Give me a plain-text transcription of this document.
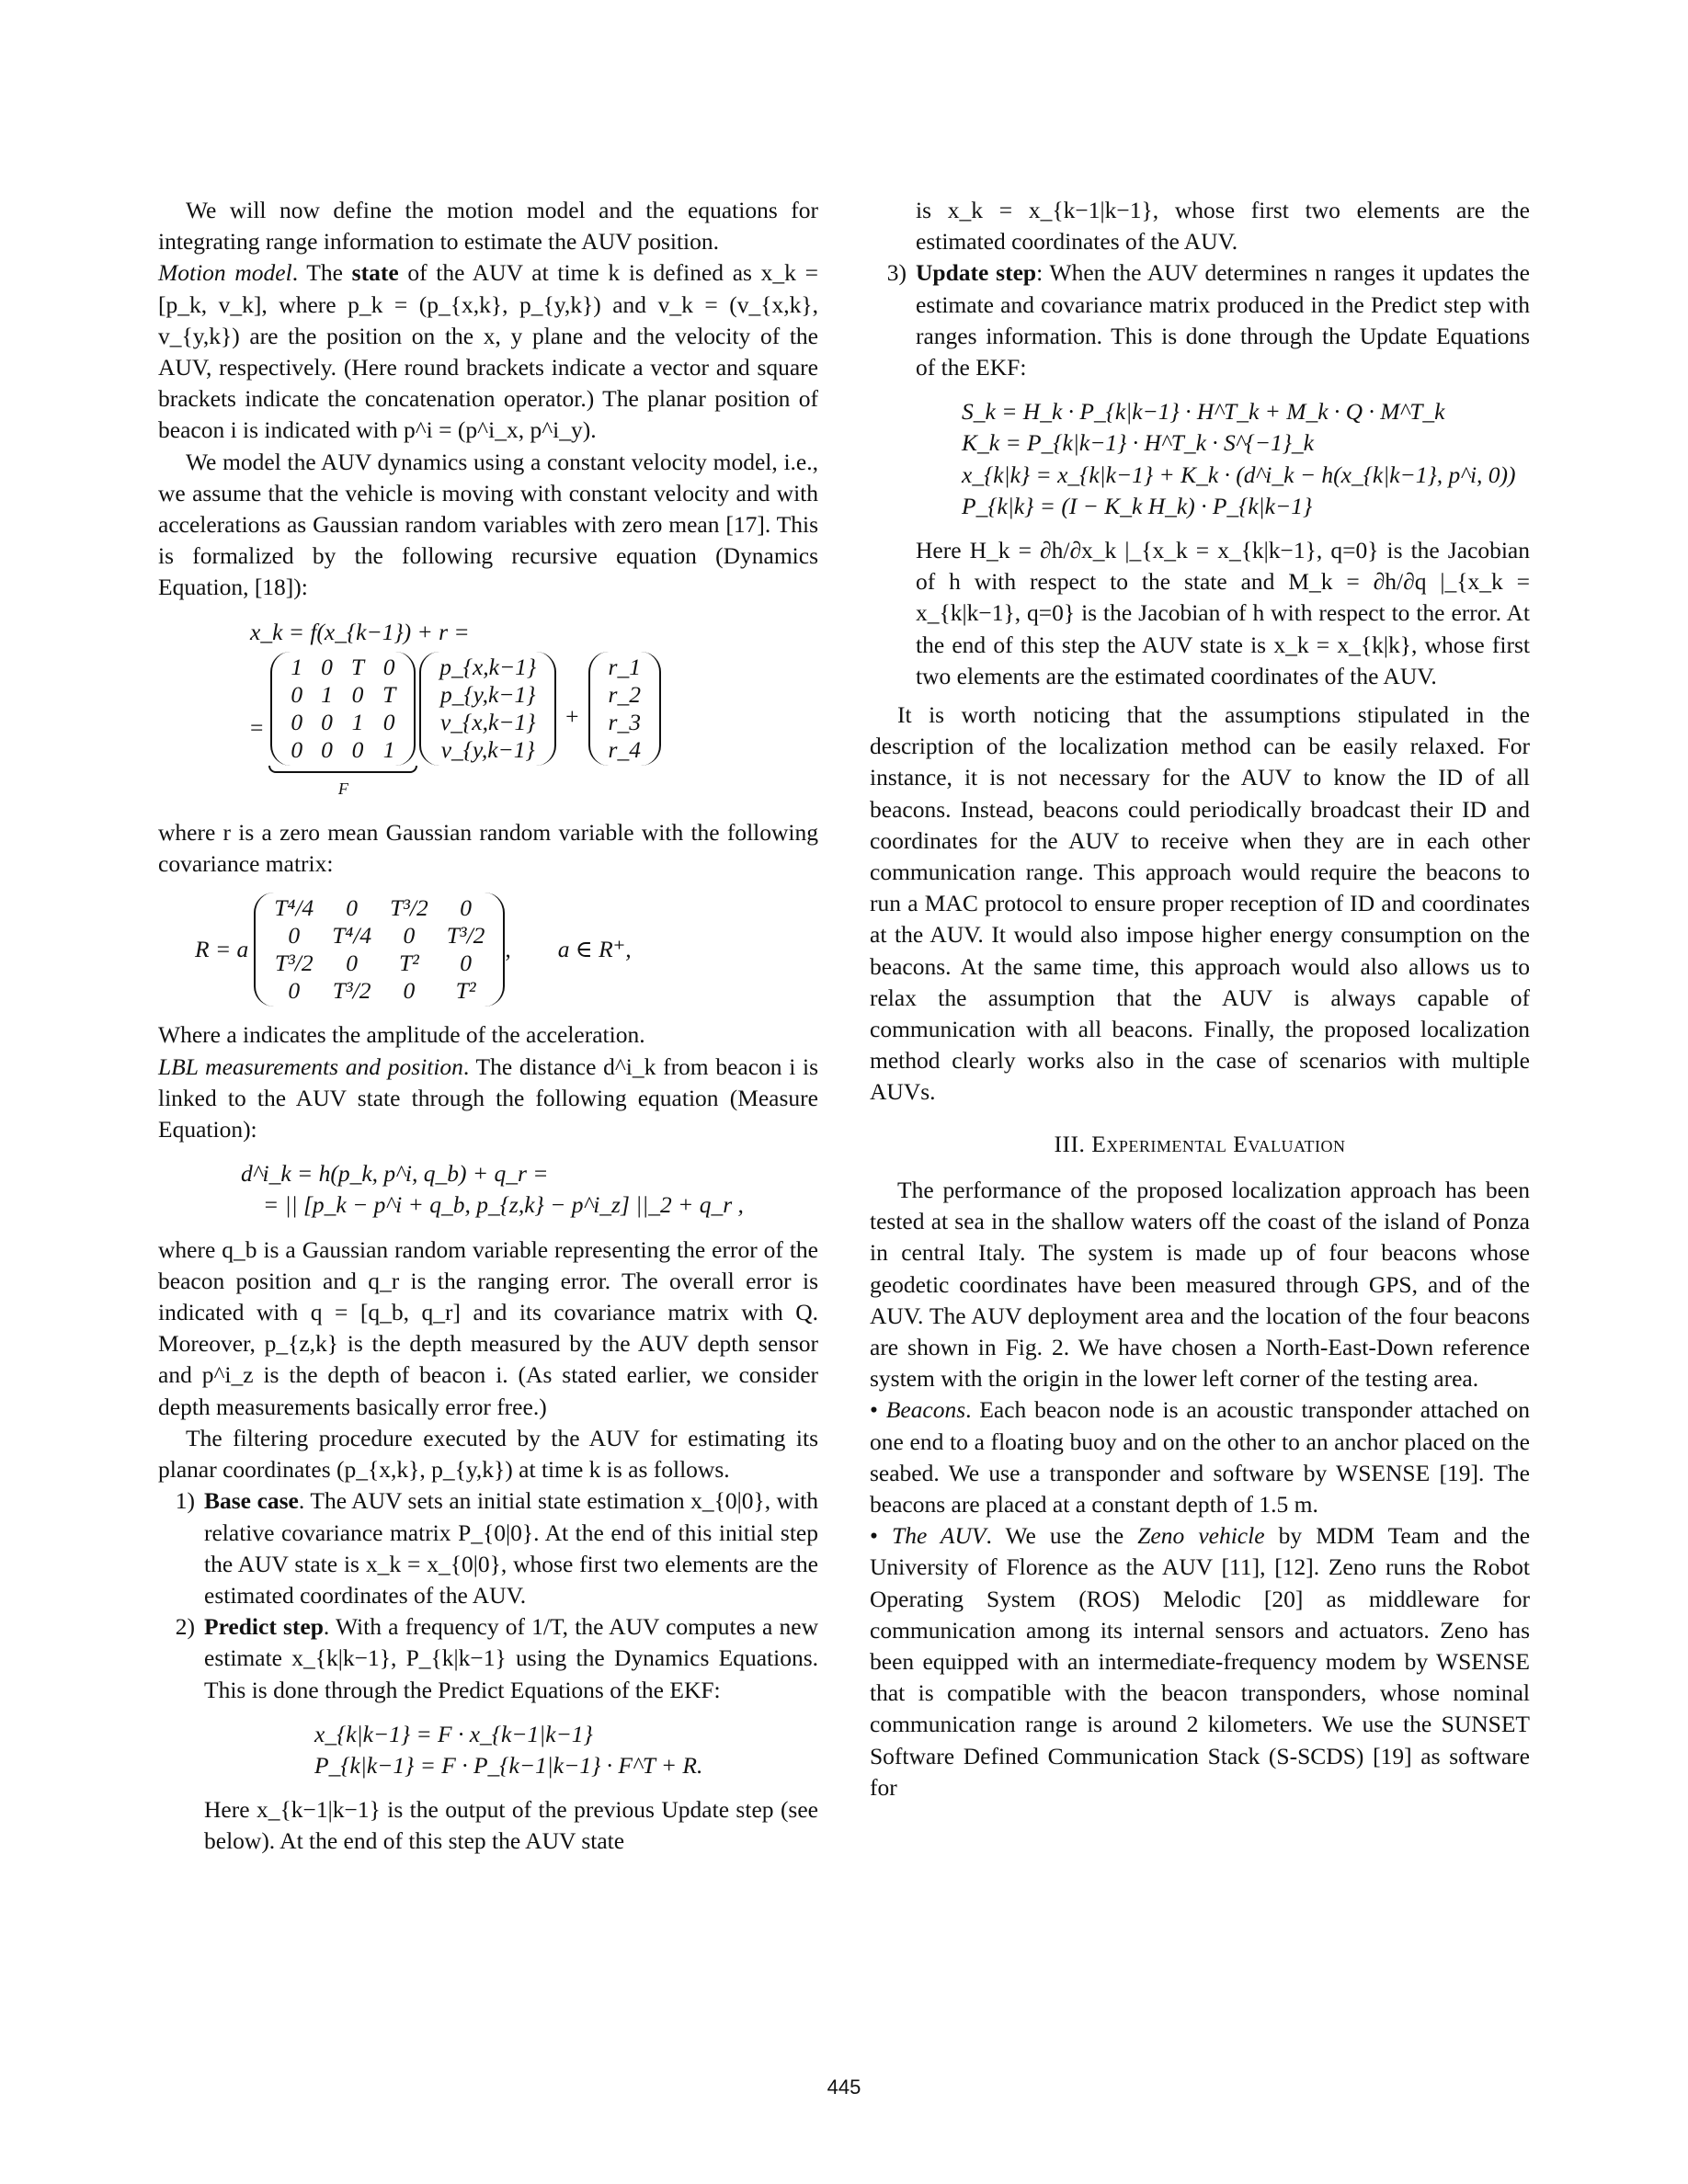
We will now define the motion model and the equations for integrating range information to estimate the AUV position.

Motion model. The state of the AUV at time k is defined as x_k = [p_k, v_k], where p_k = (p_{x,k}, p_{y,k}) and v_k = (v_{x,k}, v_{y,k}) are the position on the x, y plane and the velocity of the AUV, respectively. (Here round brackets indicate a vector and square brackets indicate the concatenation operator.) The planar position of beacon i is indicated with p^i = (p^i_x, p^i_y).

We model the AUV dynamics using a constant velocity model, i.e., we assume that the vehicle is moving with constant velocity and with accelerations as Gaussian random variables with zero mean [17]. This is formalized by the following recursive equation (Dynamics Equation, [18]):

x_k = f(x_{k−1}) + r =
=
1	0	T	0
0	1	0	T
0	0	1	0
0	0	0	1
F
p_{x,k−1}
p_{y,k−1}
v_{x,k−1}
v_{y,k−1}
+
r_1
r_2
r_3
r_4

where r is a zero mean Gaussian random variable with the following covariance matrix:

R = a
T⁴/4	0	T³/2	0
0	T⁴/4	0	T³/2
T³/2	0	T²	0
0	T³/2	0	T²
,        a ∈ R⁺,

Where a indicates the amplitude of the acceleration.

LBL measurements and position. The distance d^i_k from beacon i is linked to the AUV state through the following equation (Measure Equation):

d^i_k = h(p_k, p^i, q_b) + q_r =
= || [p_k − p^i + q_b, p_{z,k} − p^i_z] ||_2 + q_r ,

where q_b is a Gaussian random variable representing the error of the beacon position and q_r is the ranging error. The overall error is indicated with q = [q_b, q_r] and its covariance matrix with Q. Moreover, p_{z,k} is the depth measured by the AUV depth sensor and p^i_z is the depth of beacon i. (As stated earlier, we consider depth measurements basically error free.)

The filtering procedure executed by the AUV for estimating its planar coordinates (p_{x,k}, p_{y,k}) at time k is as follows.

1) Base case. The AUV sets an initial state estimation x_{0|0}, with relative covariance matrix P_{0|0}. At the end of this initial step the AUV state is x_k = x_{0|0}, whose first two elements are the estimated coordinates of the AUV.
2) Predict step. With a frequency of 1/T, the AUV computes a new estimate x_{k|k−1}, P_{k|k−1} using the Dynamics Equations. This is done through the Predict Equations of the EKF:
x_{k|k−1} = F · x_{k−1|k−1}
P_{k|k−1} = F · P_{k−1|k−1} · F^T + R.
Here x_{k−1|k−1} is the output of the previous Update step (see below). At the end of this step the AUV state
is x_k = x_{k−1|k−1}, whose first two elements are the estimated coordinates of the AUV.
3) Update step: When the AUV determines n ranges it updates the estimate and covariance matrix produced in the Predict step with ranges information. This is done through the Update Equations of the EKF:
S_k = H_k · P_{k|k−1} · H^T_k + M_k · Q · M^T_k
K_k = P_{k|k−1} · H^T_k · S^{−1}_k
x_{k|k} = x_{k|k−1} + K_k · (d^i_k − h(x_{k|k−1}, p^i, 0))
P_{k|k} = (I − K_k H_k) · P_{k|k−1}
Here H_k = ∂h/∂x_k |_{x_k = x_{k|k−1}, q=0} is the Jacobian of h with respect to the state and M_k = ∂h/∂q |_{x_k = x_{k|k−1}, q=0} is the Jacobian of h with respect to the error. At the end of this step the AUV state is x_k = x_{k|k}, whose first two elements are the estimated coordinates of the AUV.

It is worth noticing that the assumptions stipulated in the description of the localization method can be easily relaxed. For instance, it is not necessary for the AUV to know the ID of all beacons. Instead, beacons could periodically broadcast their ID and coordinates for the AUV to receive when they are in each other communication range. This approach would require the beacons to run a MAC protocol to ensure proper reception of ID and coordinates at the AUV. It would also impose higher energy consumption on the beacons. At the same time, this approach would also allows us to relax the assumption that the AUV is always capable of communication with all beacons. Finally, the proposed localization method clearly works also in the case of scenarios with multiple AUVs.

III. Experimental Evaluation

The performance of the proposed localization approach has been tested at sea in the shallow waters off the coast of the island of Ponza in central Italy. The system is made up of four beacons whose geodetic coordinates have been measured through GPS, and of the AUV. The AUV deployment area and the location of the four beacons are shown in Fig. 2. We have chosen a North-East-Down reference system with the origin in the lower left corner of the testing area.

• Beacons. Each beacon node is an acoustic transponder attached on one end to a floating buoy and on the other to an anchor placed on the seabed. We use a transponder and software by WSENSE [19]. The beacons are placed at a constant depth of 1.5 m.

• The AUV. We use the Zeno vehicle by MDM Team and the University of Florence as the AUV [11], [12]. Zeno runs the Robot Operating System (ROS) Melodic [20] as middleware for communication among its internal sensors and actuators. Zeno has been equipped with an intermediate-frequency modem by WSENSE that is compatible with the beacon transponders, whose nominal communication range is around 2 kilometers. We use the SUNSET Software Defined Communication Stack (S-SCDS) [19] as software for

445
